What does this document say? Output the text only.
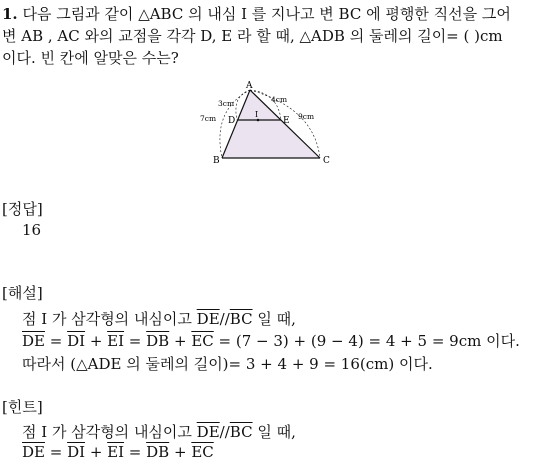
1. 다음 그림과 같이 △ABC 의 내심 I 를 지나고 변 BC 에 평행한 직선을 그어
변 AB , AC 와의 교점을 각각 D, E 라 할 때, △ADB 의 둘레의 길이= ( )cm
이다. 빈 칸에 알맞은 수는?
A
B	C
D	E
I
3cm	4cm
7cm	9cm
[정답]
16
[해설]
점 I 가 삼각형의 내심이고 $\overline{DE}//\overline{BC}$ 일 때,
$\overline{DE} = \overline{DI} + \overline{EI} = \overline{DB} + \overline{EC} = (7 - 3) + (9 - 4) = 4 + 5 = 9cm$ 이다.
따라서 (△ADE 의 둘레의 길이)= 3 + 4 + 9 = 16(cm) 이다.
[힌트]
점 I 가 삼각형의 내심이고 $\overline{DE}//\overline{BC}$ 일 때,
$\overline{DE} = \overline{DI} + \overline{EI} = \overline{DB} + \overline{EC}$
